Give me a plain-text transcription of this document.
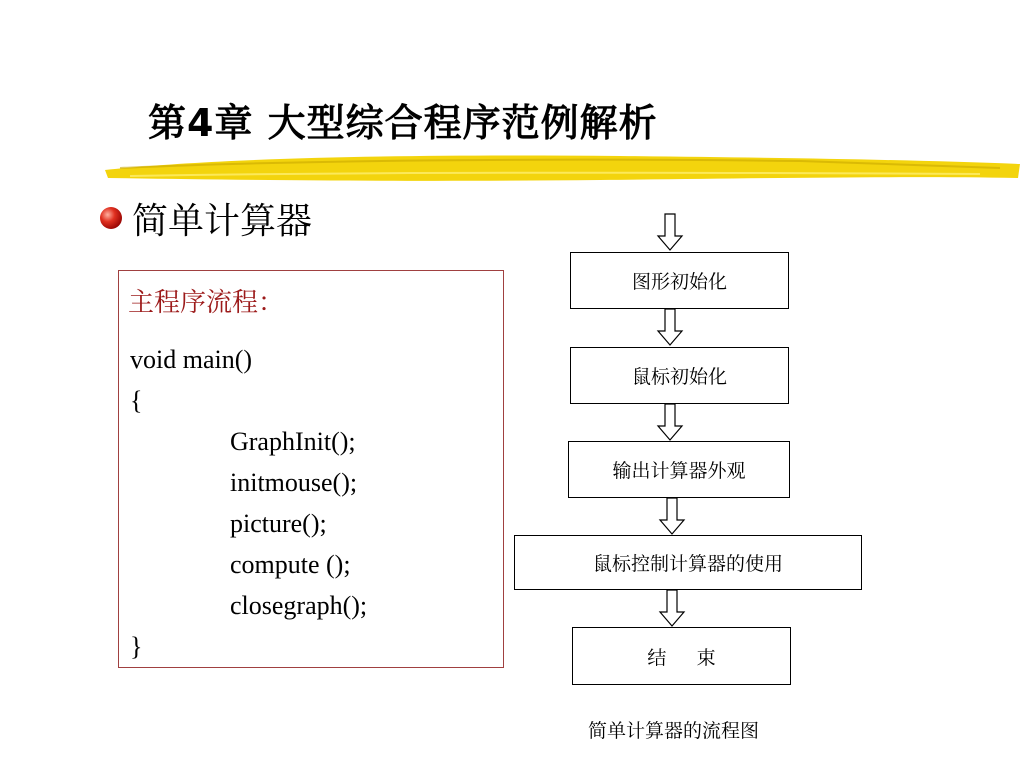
第4章 大型综合程序范例解析
简单计算器
主程序流程：
void main()
{
GraphInit();
initmouse();
picture();
compute ();
closegraph();
}
图形初始化
鼠标初始化
输出计算器外观
鼠标控制计算器的使用
结     束
简单计算器的流程图
